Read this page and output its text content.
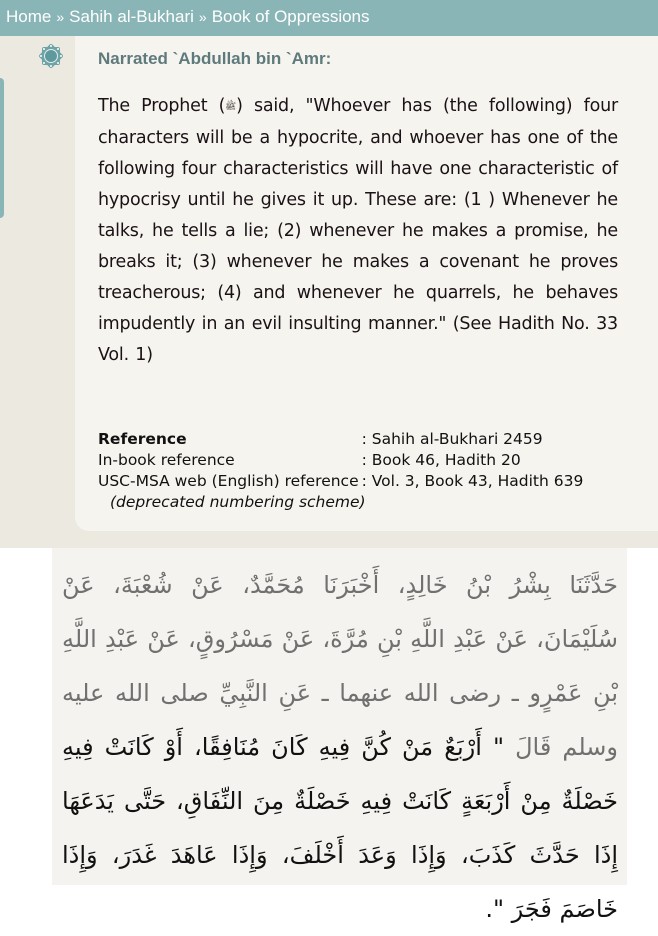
Home » Sahih al-Bukhari » Book of Oppressions
Narrated `Abdullah bin `Amr:
The Prophet (ﷺ) said, "Whoever has (the following) four characters will be a hypocrite, and whoever has one of the following four characteristics will have one characteristic of hypocrisy until he gives it up. These are: (1 ) Whenever he talks, he tells a lie; (2) whenever he makes a promise, he breaks it; (3) whenever he makes a covenant he proves treacherous; (4) and whenever he quarrels, he behaves impudently in an evil insulting manner." (See Hadith No. 33 Vol. 1)
Reference	: Sahih al-Bukhari 2459
In-book reference	: Book 46, Hadith 20
USC-MSA web (English) reference	: Vol. 3, Book 43, Hadith 639
(deprecated numbering scheme)	
حَدَّثَنَا بِشْرُ بْنُ خَالِدٍ، أَخْبَرَنَا مُحَمَّدٌ، عَنْ شُعْبَةَ، عَنْ سُلَيْمَانَ، عَنْ عَبْدِ اللَّهِ بْنِ مُرَّةَ، عَنْ مَسْرُوقٍ، عَنْ عَبْدِ اللَّهِ بْنِ عَمْرٍو ـ رضى الله عنهما ـ عَنِ النَّبِيِّ صلى الله عليه وسلم قَالَ " أَرْبَعٌ مَنْ كُنَّ فِيهِ كَانَ مُنَافِقًا، أَوْ كَانَتْ فِيهِ خَصْلَةٌ مِنْ أَرْبَعَةٍ كَانَتْ فِيهِ خَصْلَةٌ مِنَ النِّفَاقِ، حَتَّى يَدَعَهَا إِذَا حَدَّثَ كَذَبَ، وَإِذَا وَعَدَ أَخْلَفَ، وَإِذَا عَاهَدَ غَدَرَ، وَإِذَا خَاصَمَ فَجَرَ ".
